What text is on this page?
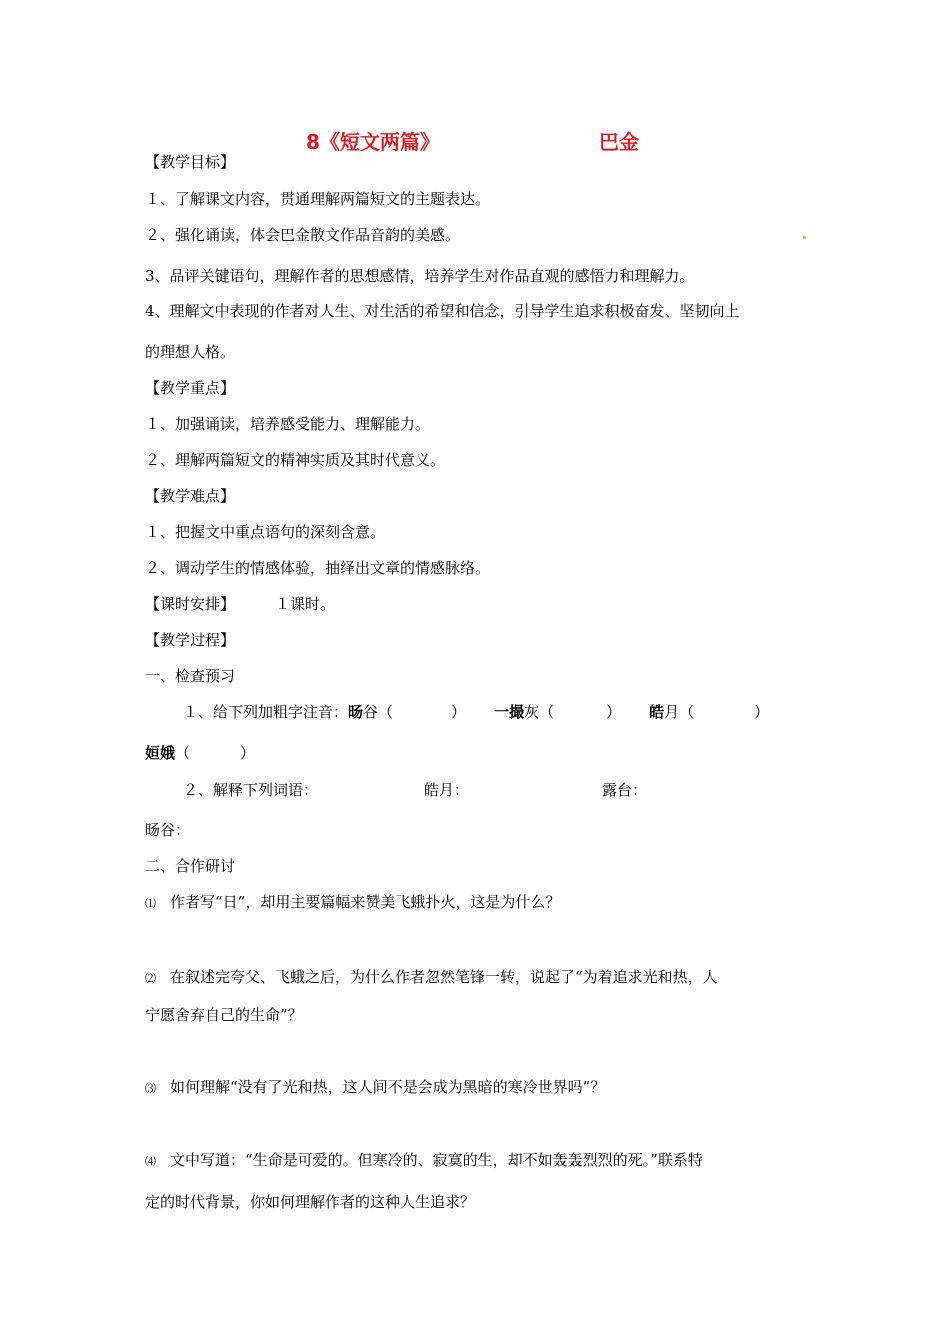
8《短文两篇》	巴金
【教学目标】
１、了解课文内容，贯通理解两篇短文的主题表达。
２、强化诵读，体会巴金散文作品音韵的美感。
3、品评关键语句，理解作者的思想感情，培养学生对作品直观的感悟力和理解力。
4、理解文中表现的作者对人生、对生活的希望和信念，引导学生追求积极奋发、坚韧向上
的理想人格。
【教学重点】
１、加强诵读，培养感受能力、理解能力。
２、理解两篇短文的精神实质及其时代意义。
【教学难点】
１、把握文中重点语句的深刻含意。
２、调动学生的情感体验，抽绎出文章的情感脉络。
【课时安排】	１课时。
【教学过程】
一、检查预习
１、给下列加粗字注音：旸谷（	） 一撮灰（	） 皓月（	）
姮娥（	）
２、解释下列词语：	皓月：	露台：
旸谷：
二、合作研讨
⑴ 作者写“日”，却用主要篇幅来赞美飞蛾扑火，这是为什么？
⑵ 在叙述完夸父、飞蛾之后，为什么作者忽然笔锋一转，说起了“为着追求光和热，人
宁愿舍弃自己的生命”？
⑶ 如何理解“没有了光和热，这人间不是会成为黑暗的寒冷世界吗”？
⑷ 文中写道：“生命是可爱的。但寒冷的、寂寞的生，却不如轰轰烈烈的死。”联系特
定的时代背景，你如何理解作者的这种人生追求？
